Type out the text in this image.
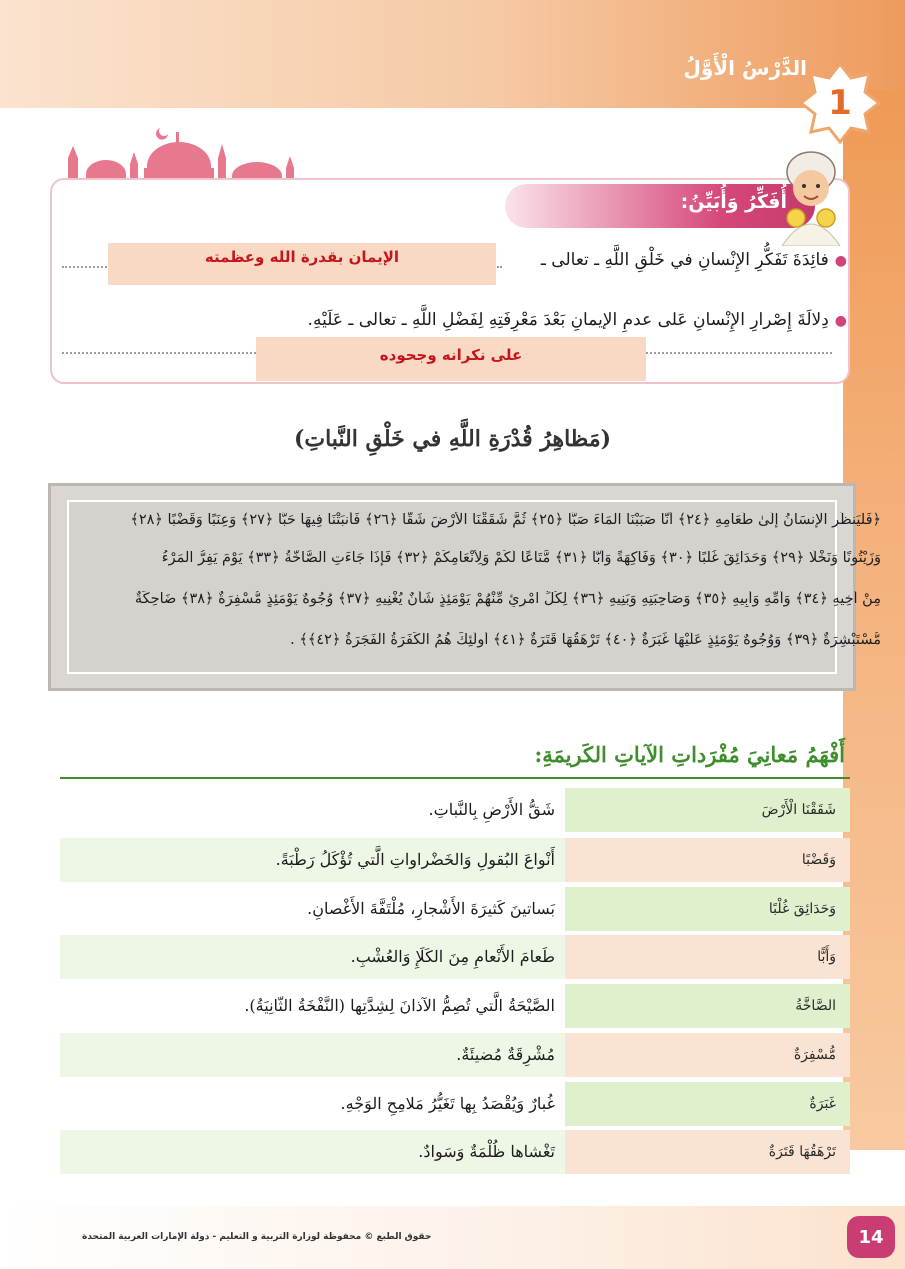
الدَّرْسُ الْأَوَّلُ
1
أُفَكِّرُ وَأُبَيِّنُ:
●فائِدَةَ تَفَكُّرِ الإِنْسانِ في خَلْقِ اللَّهِ ـ تعالى ـ
الإيمان بقدرة الله وعظمته
●دِلالَةَ إِصْرارِ الإِنْسانِ عَلى عدمِ الإيمانِ بَعْدَ مَعْرِفَتِهِ لِفَضْلِ اللَّهِ ـ تعالى ـ عَلَيْهِ.
على نكرانه وجحوده
(مَظاهِرُ قُدْرَةِ اللَّهِ في خَلْقِ النَّباتِ)
﴿فَلْيَنظُرِ الْإِنسَانُ إِلَىٰ طَعَامِهِ ﴿٢٤﴾ أَنَّا صَبَبْنَا الْمَاءَ صَبًّا ﴿٢٥﴾ ثُمَّ شَقَقْنَا الْأَرْضَ شَقًّا ﴿٢٦﴾ فَأَنبَتْنَا فِيهَا حَبًّا ﴿٢٧﴾ وَعِنَبًا وَقَضْبًا ﴿٢٨﴾
وَزَيْتُونًا وَنَخْلًا ﴿٢٩﴾ وَحَدَائِقَ غُلْبًا ﴿٣٠﴾ وَفَاكِهَةً وَأَبًّا ﴿٣١﴾ مَّتَاعًا لَّكُمْ وَلِأَنْعَامِكُمْ ﴿٣٢﴾ فَإِذَا جَاءَتِ الصَّاخَّةُ ﴿٣٣﴾ يَوْمَ يَفِرُّ الْمَرْءُ
مِنْ أَخِيهِ ﴿٣٤﴾ وَأُمِّهِ وَأَبِيهِ ﴿٣٥﴾ وَصَاحِبَتِهِ وَبَنِيهِ ﴿٣٦﴾ لِكُلِّ امْرِئٍ مِّنْهُمْ يَوْمَئِذٍ شَأْنٌ يُغْنِيهِ ﴿٣٧﴾ وُجُوهٌ يَوْمَئِذٍ مُّسْفِرَةٌ ﴿٣٨﴾ ضَاحِكَةٌ
مُّسْتَبْشِرَةٌ ﴿٣٩﴾ وَوُجُوهٌ يَوْمَئِذٍ عَلَيْهَا غَبَرَةٌ ﴿٤٠﴾ تَرْهَقُهَا قَتَرَةٌ ﴿٤١﴾ أُولَٰئِكَ هُمُ الْكَفَرَةُ الْفَجَرَةُ ﴿٤٢﴾﴾ .
أَفْهَمُ مَعانِيَ مُفْرَداتِ الآياتِ الكَريمَةِ:
شَقُّ الأَرْضِ بِالنَّباتِ.	شَقَقْنَا الْأَرْضَ
أَنْواعَ البُقولِ وَالخَضْراواتِ الَّتي تُؤْكَلُ رَطْبَةً.	وَقَضْبًا
بَساتينَ كَثيرَةَ الأَشْجارِ، مُلْتَفَّةَ الأَغْصانِ.	وَحَدَائِقَ غُلْبًا
طَعامَ الأَنْعامِ مِنَ الكَلَإِ وَالعُشْبِ.	وَأَبًّا
الصَّيْحَةُ الَّتي تُصِمُّ الآذانَ لِشِدَّتِها (النَّفْخَةُ الثّانِيَةُ).	الصَّاخَّةُ
مُشْرِقَةٌ مُضيئَةٌ.	مُّسْفِرَةٌ
غُبارٌ وَيُقْصَدُ بِها تَغَيُّرُ مَلامِحِ الوَجْهِ.	غَبَرَةٌ
تَغْشاها ظُلْمَةٌ وَسَوادٌ.	تَرْهَقُهَا قَتَرَةٌ
حقوق الطبع © محفوظة لوزارة التربية و التعليم - دولة الإمارات العربية المتحدة	14
